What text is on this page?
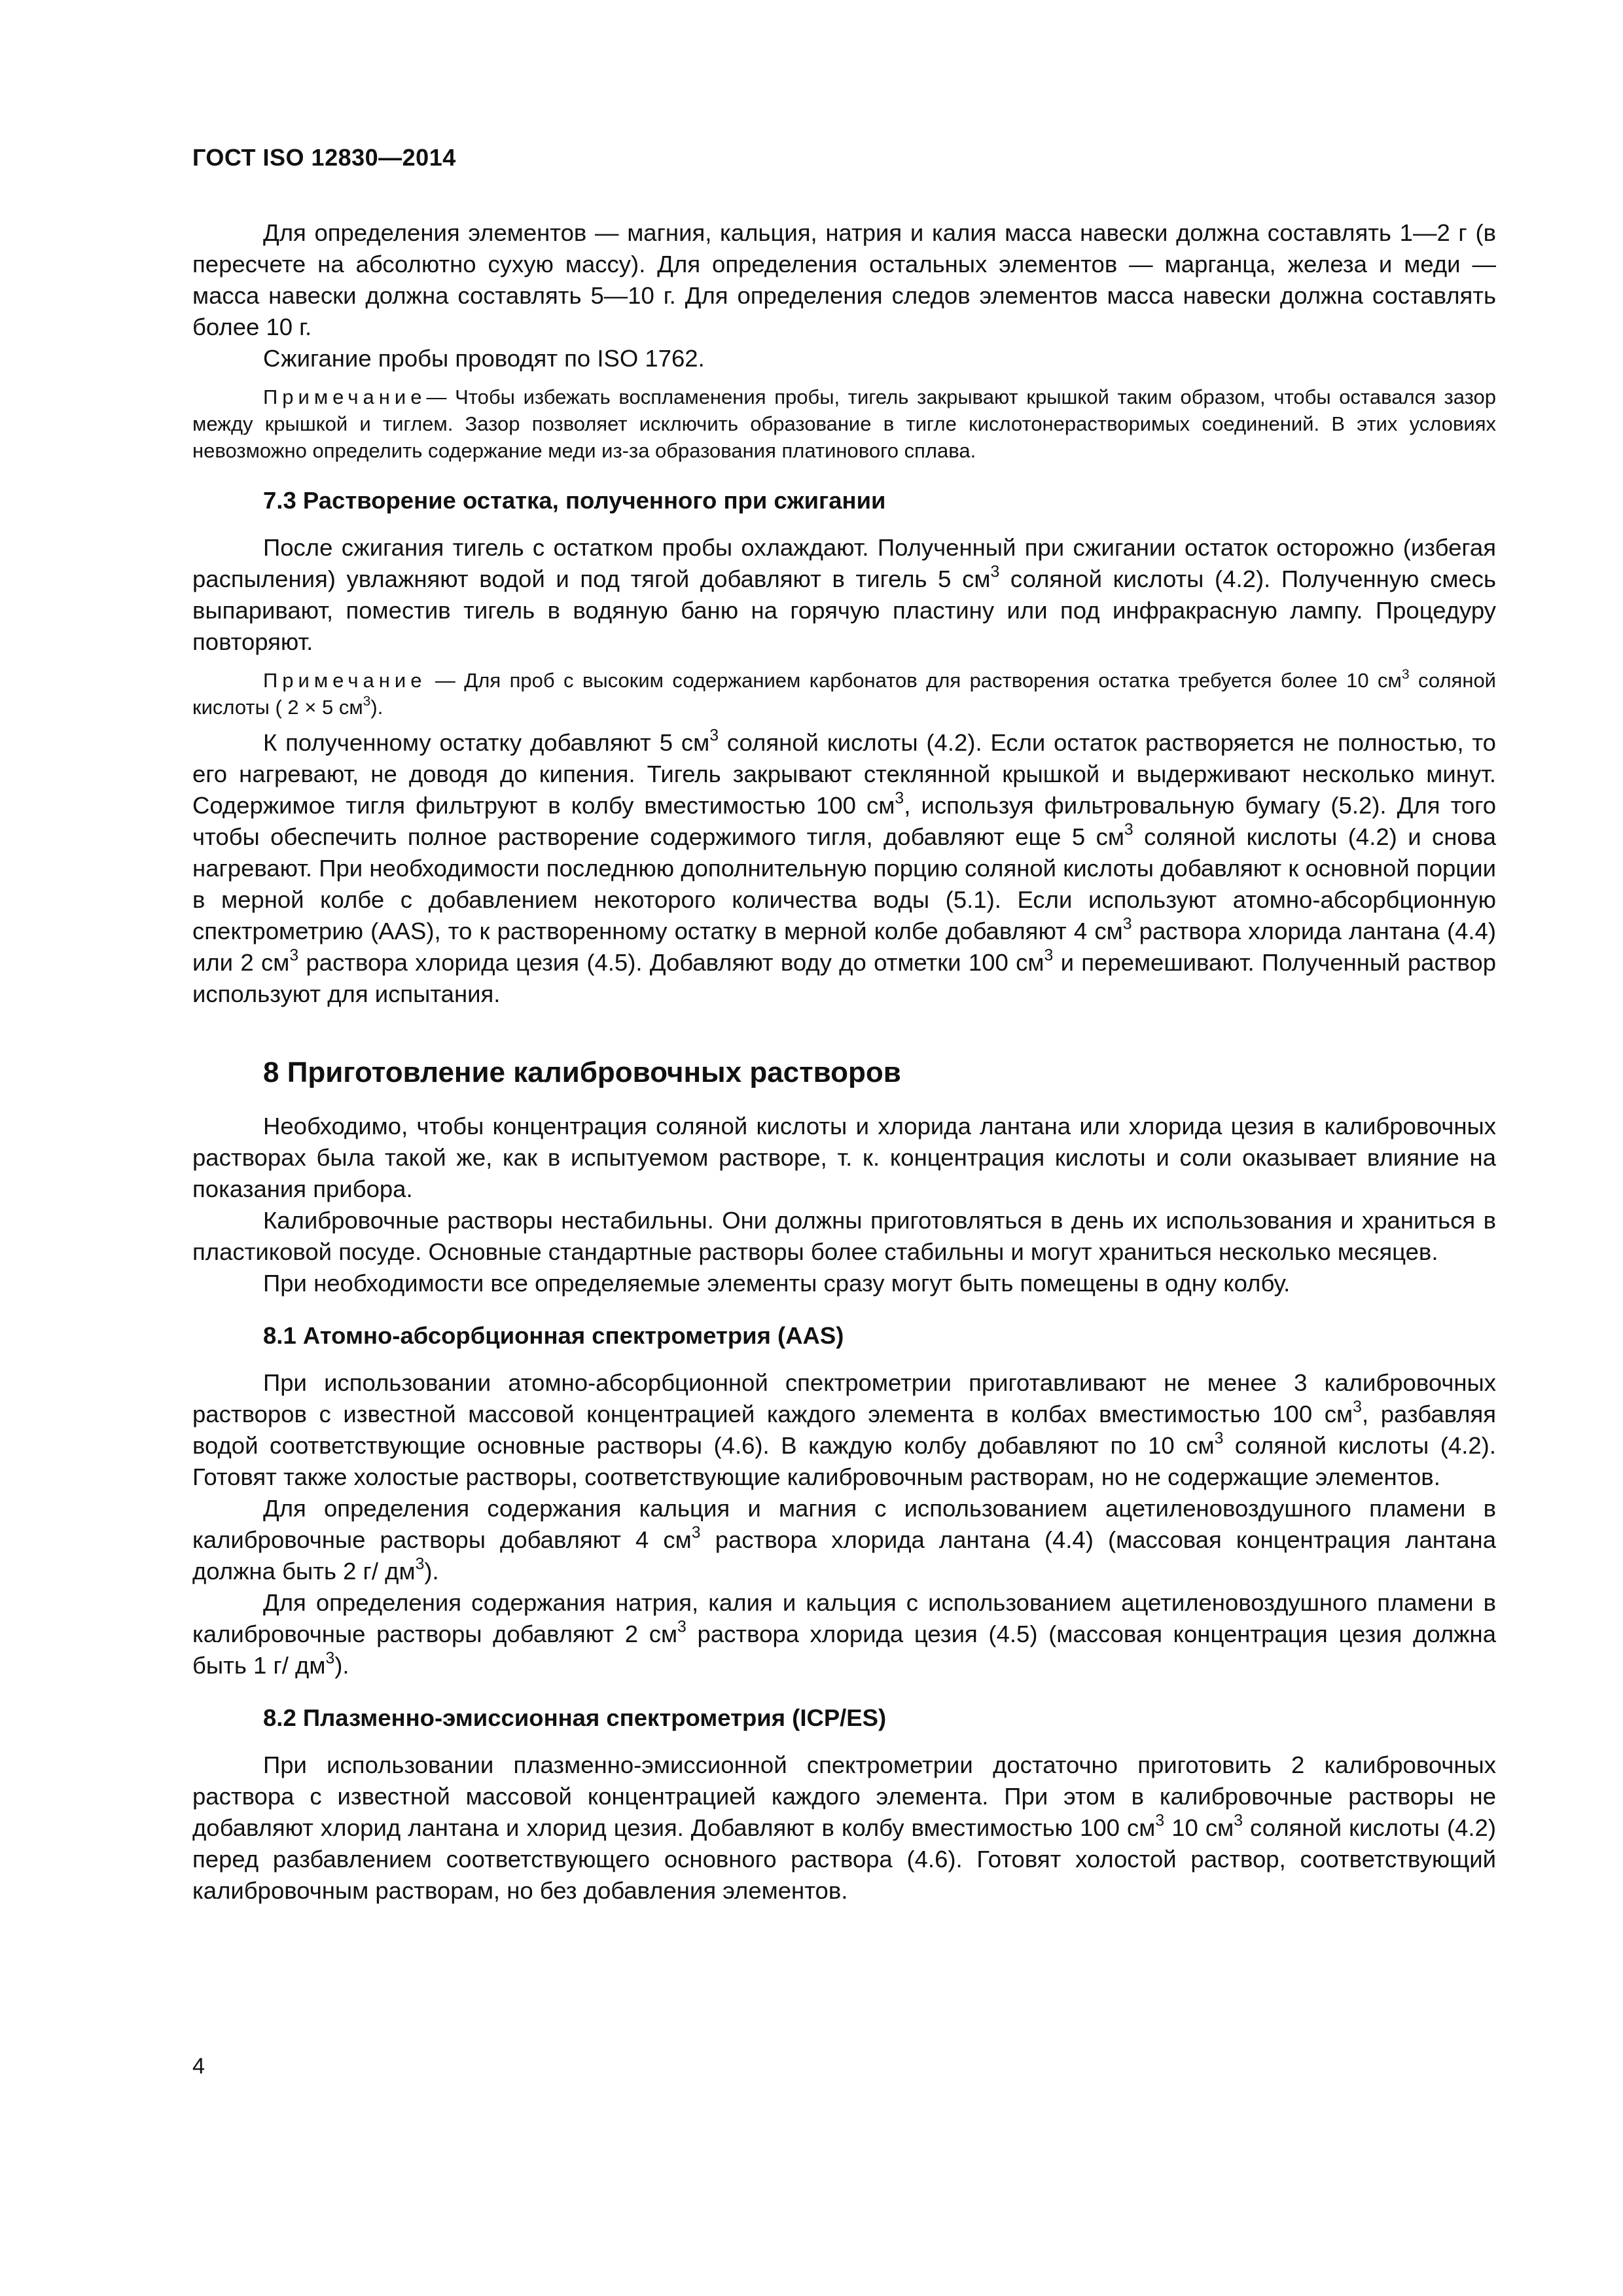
ГОСТ ISO 12830—2014

Для определения элементов — магния, кальция, натрия и калия масса навески должна составлять 1—2 г (в пересчете на абсолютно сухую массу). Для определения остальных элементов — марганца, железа и меди — масса навески должна составлять 5—10 г. Для определения следов элементов масса навески должна составлять более 10 г.

Сжигание пробы проводят по ISO 1762.

Примечание— Чтобы избежать воспламенения пробы, тигель закрывают крышкой таким образом, чтобы оставался зазор между крышкой и тиглем. Зазор позволяет исключить образование в тигле кислотонерастворимых соединений. В этих условиях невозможно определить содержание меди из-за образования платинового сплава.

7.3 Растворение остатка, полученного при сжигании

После сжигания тигель с остатком пробы охлаждают. Полученный при сжигании остаток осторожно (избегая распыления) увлажняют водой и под тягой добавляют в тигель 5 $см^3$ соляной кислоты (4.2). Полученную смесь выпаривают, поместив тигель в водяную баню на горячую пластину или под инфракрасную лампу. Процедуру повторяют.

Примечание — Для проб с высоким содержанием карбонатов для растворения остатка требуется более 10 $см^3$ соляной кислоты ( 2 × 5 $см^3$).

К полученному остатку добавляют 5 $см^3$ соляной кислоты (4.2). Если остаток растворяется не полностью, то его нагревают, не доводя до кипения. Тигель закрывают стеклянной крышкой и выдерживают несколько минут. Содержимое тигля фильтруют в колбу вместимостью 100 $см^3$, используя фильтровальную бумагу (5.2). Для того чтобы обеспечить полное растворение содержимого тигля, добавляют еще 5 $см^3$ соляной кислоты (4.2) и снова нагревают. При необходимости последнюю дополнительную порцию соляной кислоты добавляют к основной порции в мерной колбе с добавлением некоторого количества воды (5.1). Если используют атомно-абсорбционную спектрометрию (AAS), то к растворенному остатку в мерной колбе добавляют 4 $см^3$ раствора хлорида лантана (4.4) или 2 $см^3$ раствора хлорида цезия (4.5). Добавляют воду до отметки 100 $см^3$ и перемешивают. Полученный раствор используют для испытания.

8 Приготовление калибровочных растворов

Необходимо, чтобы концентрация соляной кислоты и хлорида лантана или хлорида цезия в калибровочных растворах была такой же, как в испытуемом растворе, т. к. концентрация кислоты и соли оказывает влияние на показания прибора.

Калибровочные растворы нестабильны. Они должны приготовляться в день их использования и храниться в пластиковой посуде. Основные стандартные растворы более стабильны и могут храниться несколько месяцев.

При необходимости все определяемые элементы сразу могут быть помещены в одну колбу.

8.1 Атомно-абсорбционная спектрометрия (AAS)

При использовании атомно-абсорбционной спектрометрии приготавливают не менее 3 калибровочных растворов с известной массовой концентрацией каждого элемента в колбах вместимостью 100 $см^3$, разбавляя водой соответствующие основные растворы (4.6). В каждую колбу добавляют по 10 $см^3$ соляной кислоты (4.2). Готовят также холостые растворы, соответствующие калибровочным растворам, но не содержащие элементов.

Для определения содержания кальция и магния с использованием ацетиленовоздушного пламени в калибровочные растворы добавляют 4 $см^3$ раствора хлорида лантана (4.4) (массовая концентрация лантана должна быть 2 г/ $дм^3$).

Для определения содержания натрия, калия и кальция с использованием ацетиленовоздушного пламени в калибровочные растворы добавляют 2 $см^3$ раствора хлорида цезия (4.5) (массовая концентрация цезия должна быть 1 г/ $дм^3$).

8.2 Плазменно-эмиссионная спектрометрия (ICP/ES)

При использовании плазменно-эмиссионной спектрометрии достаточно приготовить 2 калибровочных раствора с известной массовой концентрацией каждого элемента. При этом в калибровочные растворы не добавляют хлорид лантана и хлорид цезия. Добавляют в колбу вместимостью 100 $см^3$ 10 $см^3$ соляной кислоты (4.2) перед разбавлением соответствующего основного раствора (4.6). Готовят холостой раствор, соответствующий калибровочным растворам, но без добавления элементов.

4
